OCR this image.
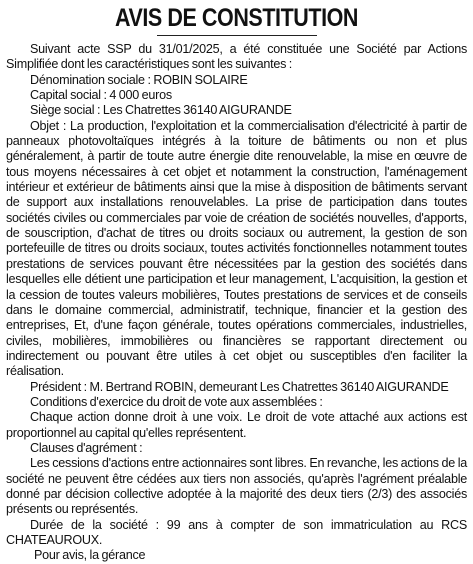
AVIS DE CONSTITUTION

Suivant acte SSP du 31/01/2025, a été constituée une Société par Actions Simplifiée dont les caractéristiques sont les suivantes :

Dénomination sociale : ROBIN SOLAIRE

Capital social : 4 000 euros

Siège social : Les Chatrettes 36140 AIGURANDE

Objet : La production, l'exploitation et la commercialisation d'électricité à partir de panneaux photovoltaïques intégrés à la toiture de bâtiments ou non et plus généralement, à partir de toute autre énergie dite renouvelable, la mise en œuvre de tous moyens nécessaires à cet objet et notamment la construction, l'aménagement intérieur et extérieur de bâtiments ainsi que la mise à disposition de bâtiments servant de support aux installations renouvelables. La prise de participation dans toutes sociétés civiles ou commerciales par voie de création de sociétés nouvelles, d'apports, de souscription, d'achat de titres ou droits sociaux ou autrement, la gestion de son portefeuille de titres ou droits sociaux, toutes activités fonctionnelles notamment toutes prestations de services pouvant être nécessitées par la gestion des sociétés dans lesquelles elle détient une participation et leur management, L'acquisition, la gestion et la cession de toutes valeurs mobilières, Toutes prestations de services et de conseils dans le domaine commercial, administratif, technique, financier et la gestion des entreprises, Et, d'une façon générale, toutes opérations commerciales, industrielles, civiles, mobilières, immobilières ou financières se rapportant directement ou indirectement ou pouvant être utiles à cet objet ou susceptibles d'en faciliter la réalisation.

Président : M. Bertrand ROBIN, demeurant Les Chatrettes 36140 AIGURANDE

Conditions d'exercice du droit de vote aux assemblées :

Chaque action donne droit à une voix. Le droit de vote attaché aux actions est proportionnel au capital qu'elles représentent.

Clauses d'agrément :

Les cessions d'actions entre actionnaires sont libres. En revanche, les actions de la société ne peuvent être cédées aux tiers non associés, qu'après l'agrément préalable donné par décision collective adoptée à la majorité des deux tiers (2/3) des associés présents ou représentés.

Durée de la société : 99 ans à compter de son immatriculation au RCS CHATEAUROUX.

Pour avis, la gérance
